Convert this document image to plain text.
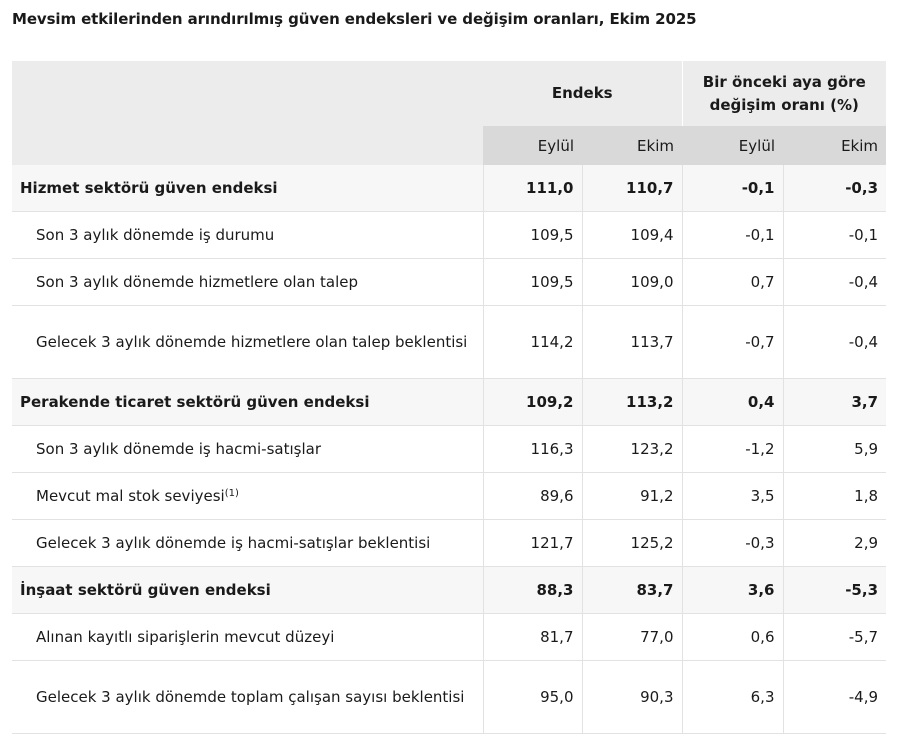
Mevsim etkilerinden arındırılmış güven endeksleri ve değişim oranları, Ekim 2025
	Endeks		Bir önceki aya göre
değişim oranı (%)	
	Eylül	Ekim	Eylül	Ekim
Hizmet sektörü güven endeksi	111,0	110,7	-0,1	-0,3
Son 3 aylık dönemde iş durumu	109,5	109,4	-0,1	-0,1
Son 3 aylık dönemde hizmetlere olan talep	109,5	109,0	0,7	-0,4
Gelecek 3 aylık dönemde hizmetlere olan talep beklentisi	114,2	113,7	-0,7	-0,4
Perakende ticaret sektörü güven endeksi	109,2	113,2	0,4	3,7
Son 3 aylık dönemde iş hacmi-satışlar	116,3	123,2	-1,2	5,9
Mevcut mal stok seviyesi$^{(1)}$	89,6	91,2	3,5	1,8
Gelecek 3 aylık dönemde iş hacmi-satışlar beklentisi	121,7	125,2	-0,3	2,9
İnşaat sektörü güven endeksi	88,3	83,7	3,6	-5,3
Alınan kayıtlı siparişlerin mevcut düzeyi	81,7	77,0	0,6	-5,7
Gelecek 3 aylık dönemde toplam çalışan sayısı beklentisi	95,0	90,3	6,3	-4,9
